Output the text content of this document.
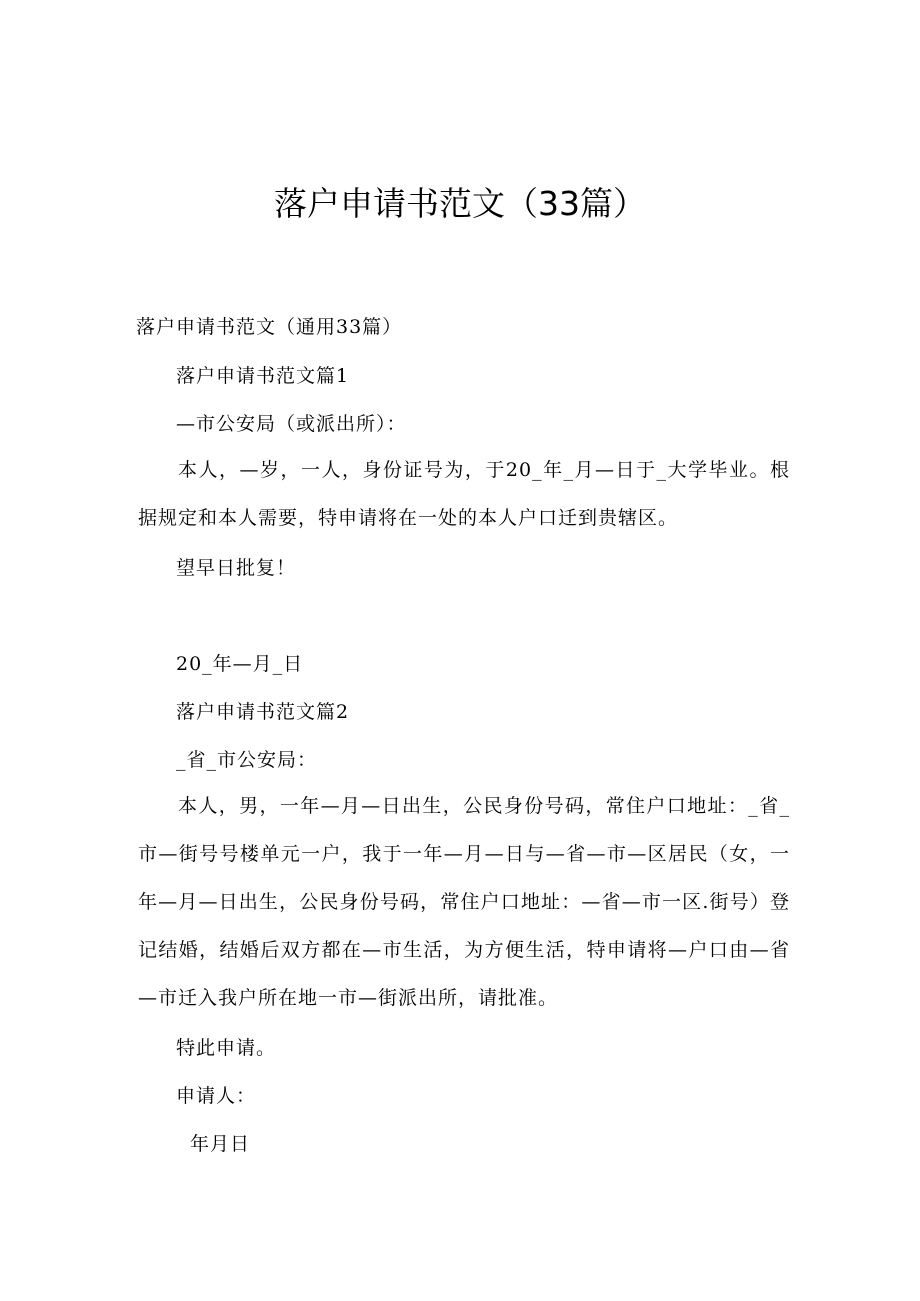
落户申请书范文（33篇）
落户申请书范文（通用33篇）
落户申请书范文篇1
—市公安局（或派出所）：

本人，—岁，一人，身份证号为，于20_年_月—日于_大学毕业。根据规定和本人需要，特申请将在一处的本人户口迁到贵辖区。

望早日批复！
20_年—月_日
落户申请书范文篇2
_省_市公安局：

本人，男，一年—月—日出生，公民身份号码，常住户口地址：_省_市—街号号楼单元一户，我于一年—月—日与—省—市—区居民（女，一年—月—日出生，公民身份号码，常住户口地址：—省—市一区.街号）登记结婚，结婚后双方都在—市生活，为方便生活，特申请将—户口由—省—市迁入我户所在地一市—街派出所，请批准。

特此申请。
申请人：
年月日
